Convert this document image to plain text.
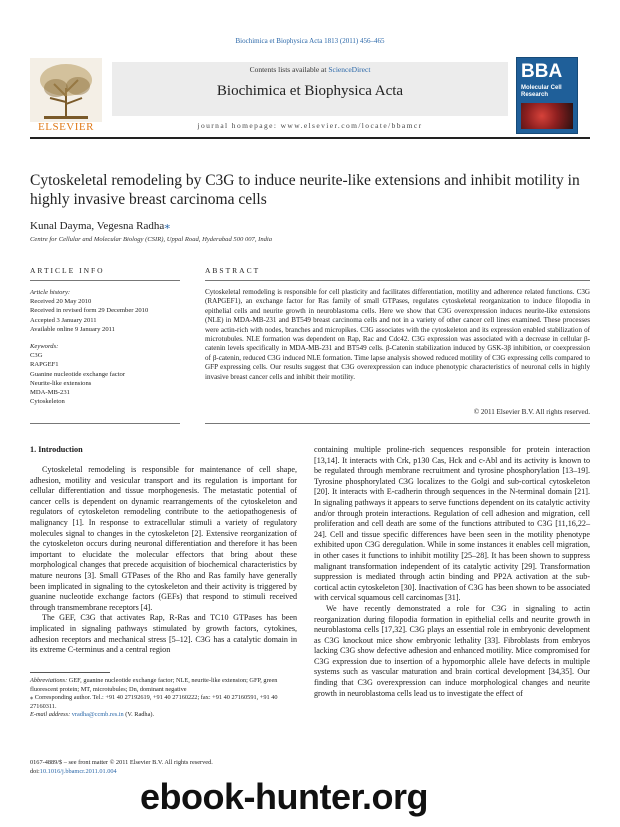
Biochimica et Biophysica Acta 1813 (2011) 456–465
ELSEVIER
Contents lists available at ScienceDirect
Biochimica et Biophysica Acta
journal homepage: www.elsevier.com/locate/bbamcr
BBA
Molecular Cell Research
Cytoskeletal remodeling by C3G to induce neurite-like extensions and inhibit motility in highly invasive breast carcinoma cells
Kunal Dayma, Vegesna Radha⁎
Centre for Cellular and Molecular Biology (CSIR), Uppal Road, Hyderabad 500 007, India
ARTICLE INFO
Article history:
Received 20 May 2010
Received in revised form 29 December 2010
Accepted 3 January 2011
Available online 9 January 2011
Keywords:
C3G
RAPGEF1
Guanine nucleotide exchange factor
Neurite-like extensions
MDA-MB-231
Cytoskeleton
ABSTRACT
Cytoskeletal remodeling is responsible for cell plasticity and facilitates differentiation, motility and adherence related functions. C3G (RAPGEF1), an exchange factor for Ras family of small GTPases, regulates cytoskeletal reorganization to induce filopodia in epithelial cells and neurite growth in neuroblastoma cells. Here we show that C3G overexpression induces neurite-like extensions (NLE) in MDA-MB-231 and BT549 breast carcinoma cells and not in a variety of other cancer cell lines examined. These processes were actin-rich with nodes, branches and micropikes. C3G associates with the cytoskeleton and its expression enabled stabilization of microtubules. NLE formation was dependent on Rap, Rac and Cdc42. C3G expression was associated with a decrease in cellular β-catenin levels specifically in MDA-MB-231 and BT549 cells. β-Catenin stabilization induced by GSK-3β inhibition, or coexpression of β-catenin, reduced C3G induced NLE formation. Time lapse analysis showed reduced motility of C3G expressing cells compared to GFP expressing cells. Our results suggest that C3G overexpression can induce phenotypic characteristics of neuronal cells in highly invasive breast cancer cells and inhibit their motility.
© 2011 Elsevier B.V. All rights reserved.
1. Introduction

Cytoskeletal remodeling is responsible for maintenance of cell shape, adhesion, motility and vesicular transport and its regulation is important for cellular differentiation and tissue morphogenesis. The metastatic potential of cancer cells is dependent on dynamic rearrangements of the cytoskeleton and regulators of cytoskeleton remodeling contribute to the aetiopathogenesis of malignancy [1]. In response to extracellular stimuli a variety of regulatory molecules signal to changes in the cytoskeleton [2]. Extensive reorganization of the cytoskeleton occurs during neuronal differentiation and therefore it has been important to elucidate the molecular effectors that bring about these morphological changes that precede acquisition of biochemical characteristics by mature neurons [3]. Small GTPases of the Rho and Ras family have generally been implicated in signaling to the cytoskeleton and their activity is triggered by guanine nucleotide exchange factors (GEFs) that respond to stimuli received through transmembrane receptors [4].

The GEF, C3G that activates Rap, R-Ras and TC10 GTPases has been implicated in signaling pathways stimulated by growth factors, cytokines, adhesion receptors and mechanical stress [5–12]. C3G has a catalytic domain in its extreme C-terminus and a central region

containing multiple proline-rich sequences responsible for protein interaction [13,14]. It interacts with Crk, p130 Cas, Hck and c-Abl and its activity is known to be regulated through membrane recruitment and tyrosine phosphorylation [13–19]. Tyrosine phosphorylated C3G localizes to the Golgi and sub-cortical cytoskeleton [20]. It interacts with E-cadherin through sequences in the N-terminal domain [21]. In signaling pathways it appears to serve functions dependent on its catalytic activity and/or through protein interactions. Regulation of cell adhesion and migration, cell proliferation and cell death are some of the functions attributed to C3G [11,16,22–24]. Cell and tissue specific differences have been seen in the motility phenotype exhibited upon C3G deregulation. While in some instances it enables cell migration, in other cases it functions to inhibit motility [25–28]. It has been shown to suppress malignant transformation independent of its catalytic activity [29]. Transformation suppression is mediated through actin binding and PP2A activation at the sub-cortical actin cytoskeleton [30]. Inactivation of C3G has been shown to be associated with cervical squamous cell carcinomas [31].

We have recently demonstrated a role for C3G in signaling to actin reorganization during filopodia formation in epithelial cells and neurite growth in neuroblastoma cells [17,32]. C3G plays an essential role in embryonic development as C3G knockout mice show embryonic lethality [33]. Fibroblasts from embryos lacking C3G show defective adhesion and enhanced motility. Mice compromised for C3G expression due to insertion of a hypomorphic allele have defects in multiple systems such as vascular maturation and brain cortical development [34,35]. Our finding that C3G overexpression can induce morphological changes and neurite growth in neuroblastoma cells lead us to investigate the effect of

Abbreviations: GEF, guanine nucleotide exchange factor; NLE, neurite-like extension; GFP, green fluorescent protein; MT, microtubules; Dn, dominant negative
⁎ Corresponding author. Tel.: +91 40 27192619, +91 40 27160222; fax: +91 40 27160591, +91 40 27160311.
E-mail address: vradha@ccmb.res.in (V. Radha).
0167-4889/$ – see front matter © 2011 Elsevier B.V. All rights reserved.
doi:10.1016/j.bbamcr.2011.01.004
ebook-hunter.org
